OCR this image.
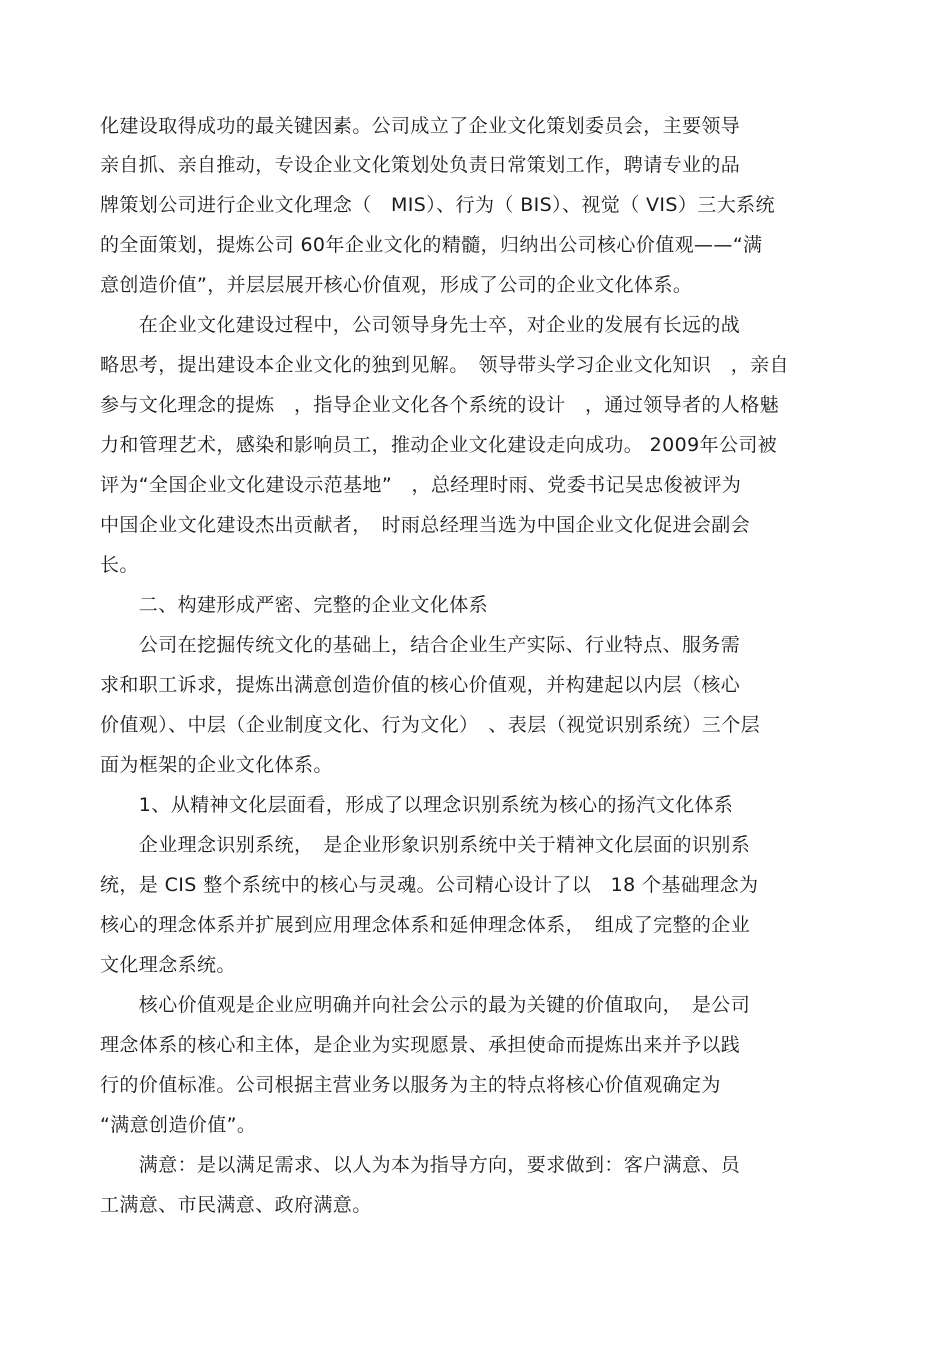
化建设取得成功的最关键因素。公司成立了企业文化策划委员会，主要领导
亲自抓、亲自推动，专设企业文化策划处负责日常策划工作，聘请专业的品
牌策划公司进行企业文化理念（　MIS）、行为（ BIS）、视觉（ VIS）三大系统
的全面策划，提炼公司 60年企业文化的精髓，归纳出公司核心价值观——“满
意创造价值”，并层层展开核心价值观，形成了公司的企业文化体系。
　　在企业文化建设过程中，公司领导身先士卒，对企业的发展有长远的战
略思考，提出建设本企业文化的独到见解。　领导带头学习企业文化知识　，亲自
参与文化理念的提炼　，指导企业文化各个系统的设计　，通过领导者的人格魅
力和管理艺术，感染和影响员工，推动企业文化建设走向成功。 2009年公司被
评为“全国企业文化建设示范基地”　，总经理时雨、党委书记吴忠俊被评为
中国企业文化建设杰出贡献者，　时雨总经理当选为中国企业文化促进会副会
长。
　　二、构建形成严密、完整的企业文化体系
　　公司在挖掘传统文化的基础上，结合企业生产实际、行业特点、服务需
求和职工诉求，提炼出满意创造价值的核心价值观，并构建起以内层（核心
价值观）、中层（企业制度文化、行为文化）　、表层（视觉识别系统）三个层
面为框架的企业文化体系。
　　1、从精神文化层面看，形成了以理念识别系统为核心的扬汽文化体系
　　企业理念识别系统，　是企业形象识别系统中关于精神文化层面的识别系
统，是 CIS 整个系统中的核心与灵魂。公司精心设计了以　18 个基础理念为
核心的理念体系并扩展到应用理念体系和延伸理念体系，　组成了完整的企业
文化理念系统。
　　核心价值观是企业应明确并向社会公示的最为关键的价值取向，　是公司
理念体系的核心和主体，是企业为实现愿景、承担使命而提炼出来并予以践
行的价值标准。公司根据主营业务以服务为主的特点将核心价值观确定为
“满意创造价值”。
　　满意：是以满足需求、以人为本为指导方向，要求做到：客户满意、员
工满意、市民满意、政府满意。
